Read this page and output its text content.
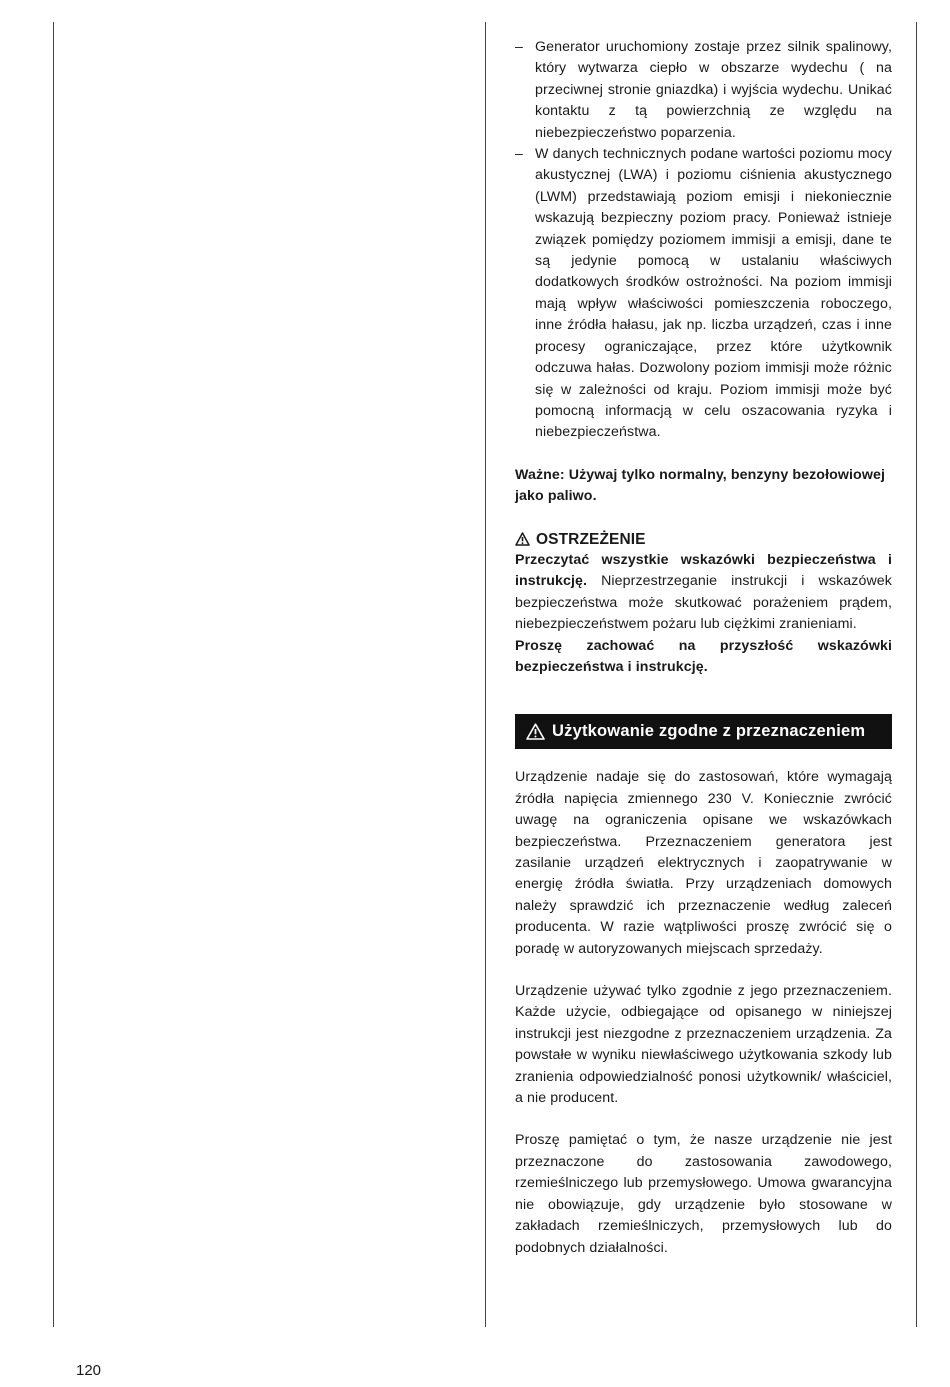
– Generator uruchomiony zostaje przez silnik spalinowy, który wytwarza ciepło w obszarze wydechu ( na przeciwnej stronie gniazdka) i wyjścia wydechu. Unikać kontaktu z tą powierzchnią ze względu na niebezpieczeństwo poparzenia.
– W danych technicznych podane wartości poziomu mocy akustycznej (LWA) i poziomu ciśnienia akustycznego (LWM) przedstawiają poziom emisji i niekoniecznie wskazują bezpieczny poziom pracy. Ponieważ istnieje związek pomiędzy poziomem immisji a emisji, dane te są jedynie pomocą w ustalaniu właściwych dodatkowych środków ostrożności. Na poziom immisji mają wpływ właściwości pomieszczenia roboczego, inne źródła hałasu, jak np. liczba urządzeń, czas i inne procesy ograniczające, przez które użytkownik odczuwa hałas. Dozwolony poziom immisji może różnic się w zależności od kraju. Poziom immisji może być pomocną informacją w celu oszacowania ryzyka i niebezpieczeństwa.
Ważne: Używaj tylko normalny, benzyny bezołowiowej jako paliwo.
OSTRZEŻENIE

Przeczytać wszystkie wskazówki bezpieczeństwa i instrukcję. Nieprzestrzeganie instrukcji i wskazówek bezpieczeństwa może skutkować porażeniem prądem, niebezpieczeństwem pożaru lub ciężkimi zranieniami.

Proszę zachować na przyszłość wskazówki bezpieczeństwa i instrukcję.

Użytkowanie zgodne z przeznaczeniem

Urządzenie nadaje się do zastosowań, które wymagają źródła napięcia zmiennego 230 V. Koniecznie zwrócić uwagę na ograniczenia opisane we wskazówkach bezpieczeństwa. Przeznaczeniem generatora jest zasilanie urządzeń elektrycznych i zaopatrywanie w energię źródła światła. Przy urządzeniach domowych należy sprawdzić ich przeznaczenie według zaleceń producenta. W razie wątpliwości proszę zwrócić się o poradę w autoryzowanych miejscach sprzedaży.

Urządzenie używać tylko zgodnie z jego przeznaczeniem. Każde użycie, odbiegające od opisanego w niniejszej instrukcji jest niezgodne z przeznaczeniem urządzenia. Za powstałe w wyniku niewłaściwego użytkowania szkody lub zranienia odpowiedzialność ponosi użytkownik/ właściciel, a nie producent.

Proszę pamiętać o tym, że nasze urządzenie nie jest przeznaczone do zastosowania zawodowego, rzemieślniczego lub przemysłowego. Umowa gwarancyjna nie obowiązuje, gdy urządzenie było stosowane w zakładach rzemieślniczych, przemysłowych lub do podobnych działalności.

120
